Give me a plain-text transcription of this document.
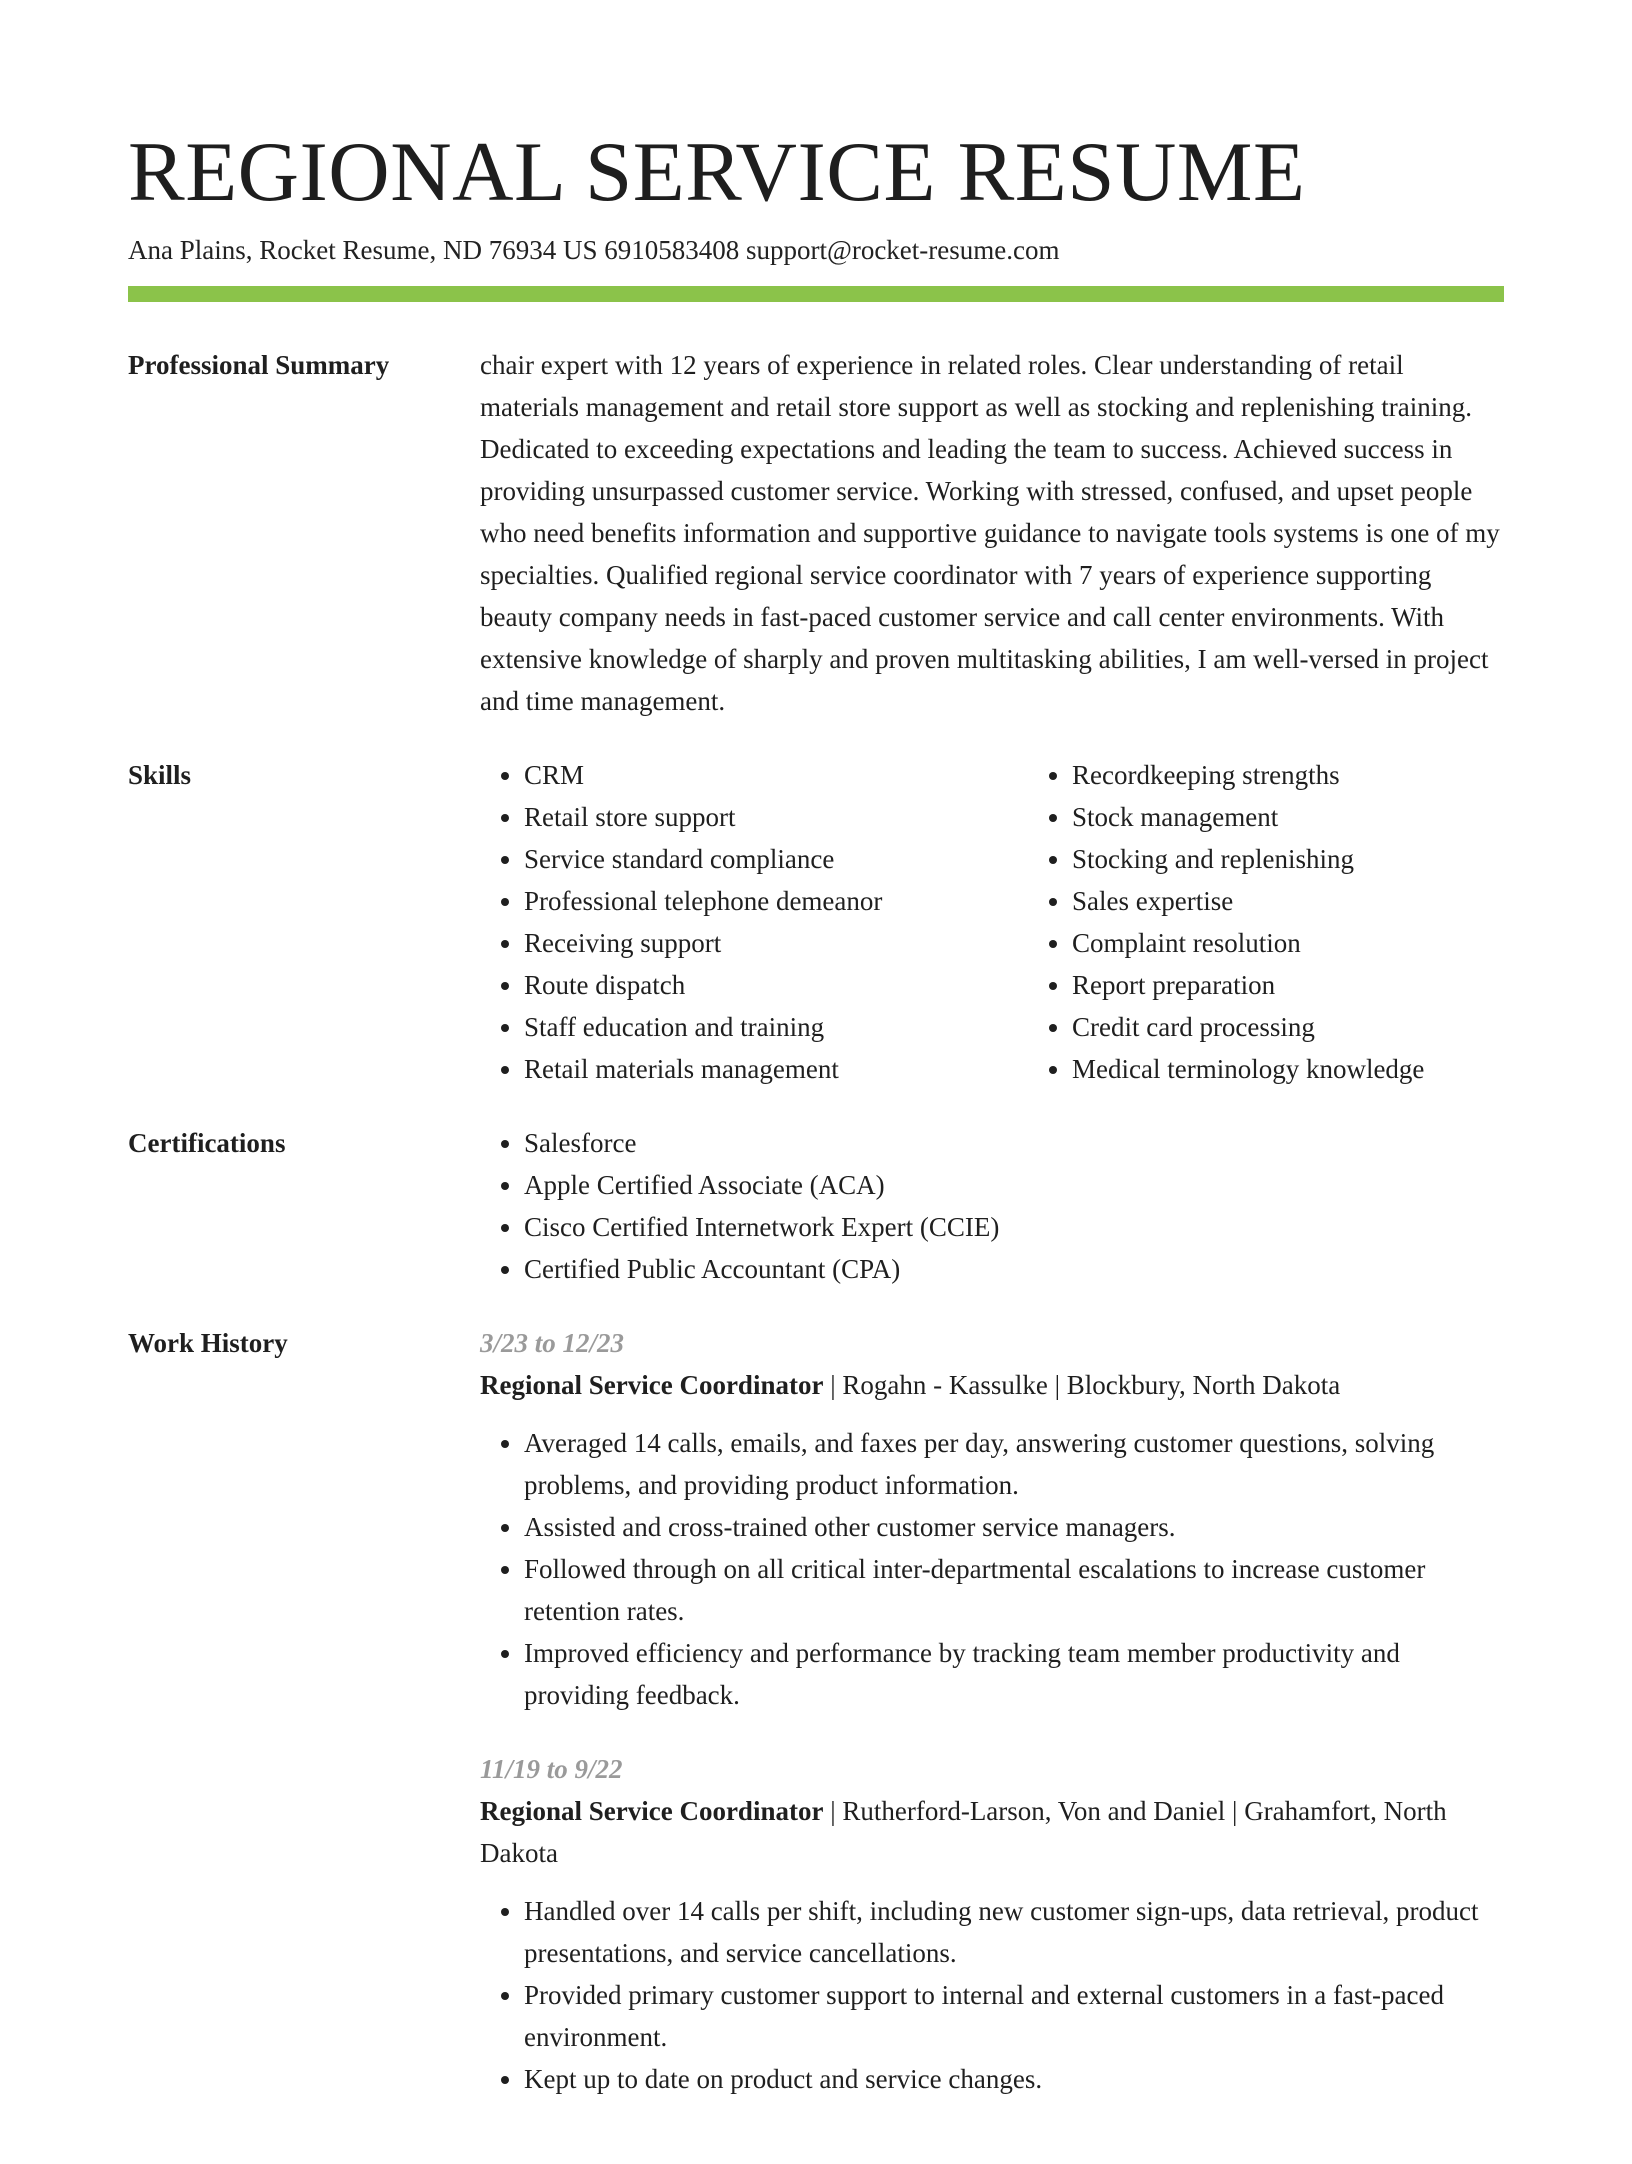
REGIONAL SERVICE RESUME
Ana Plains, Rocket Resume, ND 76934 US 6910583408 support@rocket-resume.com
Professional Summary	chair expert with 12 years of experience in related roles. Clear understanding of retail materials management and retail store support as well as stocking and replenishing training. Dedicated to exceeding expectations and leading the team to success. Achieved success in providing unsurpassed customer service. Working with stressed, confused, and upset people who need benefits information and supportive guidance to navigate tools systems is one of my specialties. Qualified regional service coordinator with 7 years of experience supporting beauty company needs in fast-paced customer service and call center environments. With extensive knowledge of sharply and proven multitasking abilities, I am well-versed in project and time management.
Skills	• CRM
• Retail store support
• Service standard compliance
• Professional telephone demeanor
• Receiving support
• Route dispatch
• Staff education and training
• Retail materials management
• Recordkeeping strengths
• Stock management
• Stocking and replenishing
• Sales expertise
• Complaint resolution
• Report preparation
• Credit card processing
• Medical terminology knowledge
Certifications	• Salesforce
• Apple Certified Associate (ACA)
• Cisco Certified Internetwork Expert (CCIE)
• Certified Public Accountant (CPA)
Work History	3/23 to 12/23
Regional Service Coordinator | Rogahn - Kassulke | Blockbury, North Dakota
• Averaged 14 calls, emails, and faxes per day, answering customer questions, solving problems, and providing product information.
• Assisted and cross-trained other customer service managers.
• Followed through on all critical inter-departmental escalations to increase customer retention rates.
• Improved efficiency and performance by tracking team member productivity and providing feedback.
11/19 to 9/22
Regional Service Coordinator | Rutherford-Larson, Von and Daniel | Grahamfort, North Dakota
• Handled over 14 calls per shift, including new customer sign-ups, data retrieval, product presentations, and service cancellations.
• Provided primary customer support to internal and external customers in a fast-paced environment.
• Kept up to date on product and service changes.
